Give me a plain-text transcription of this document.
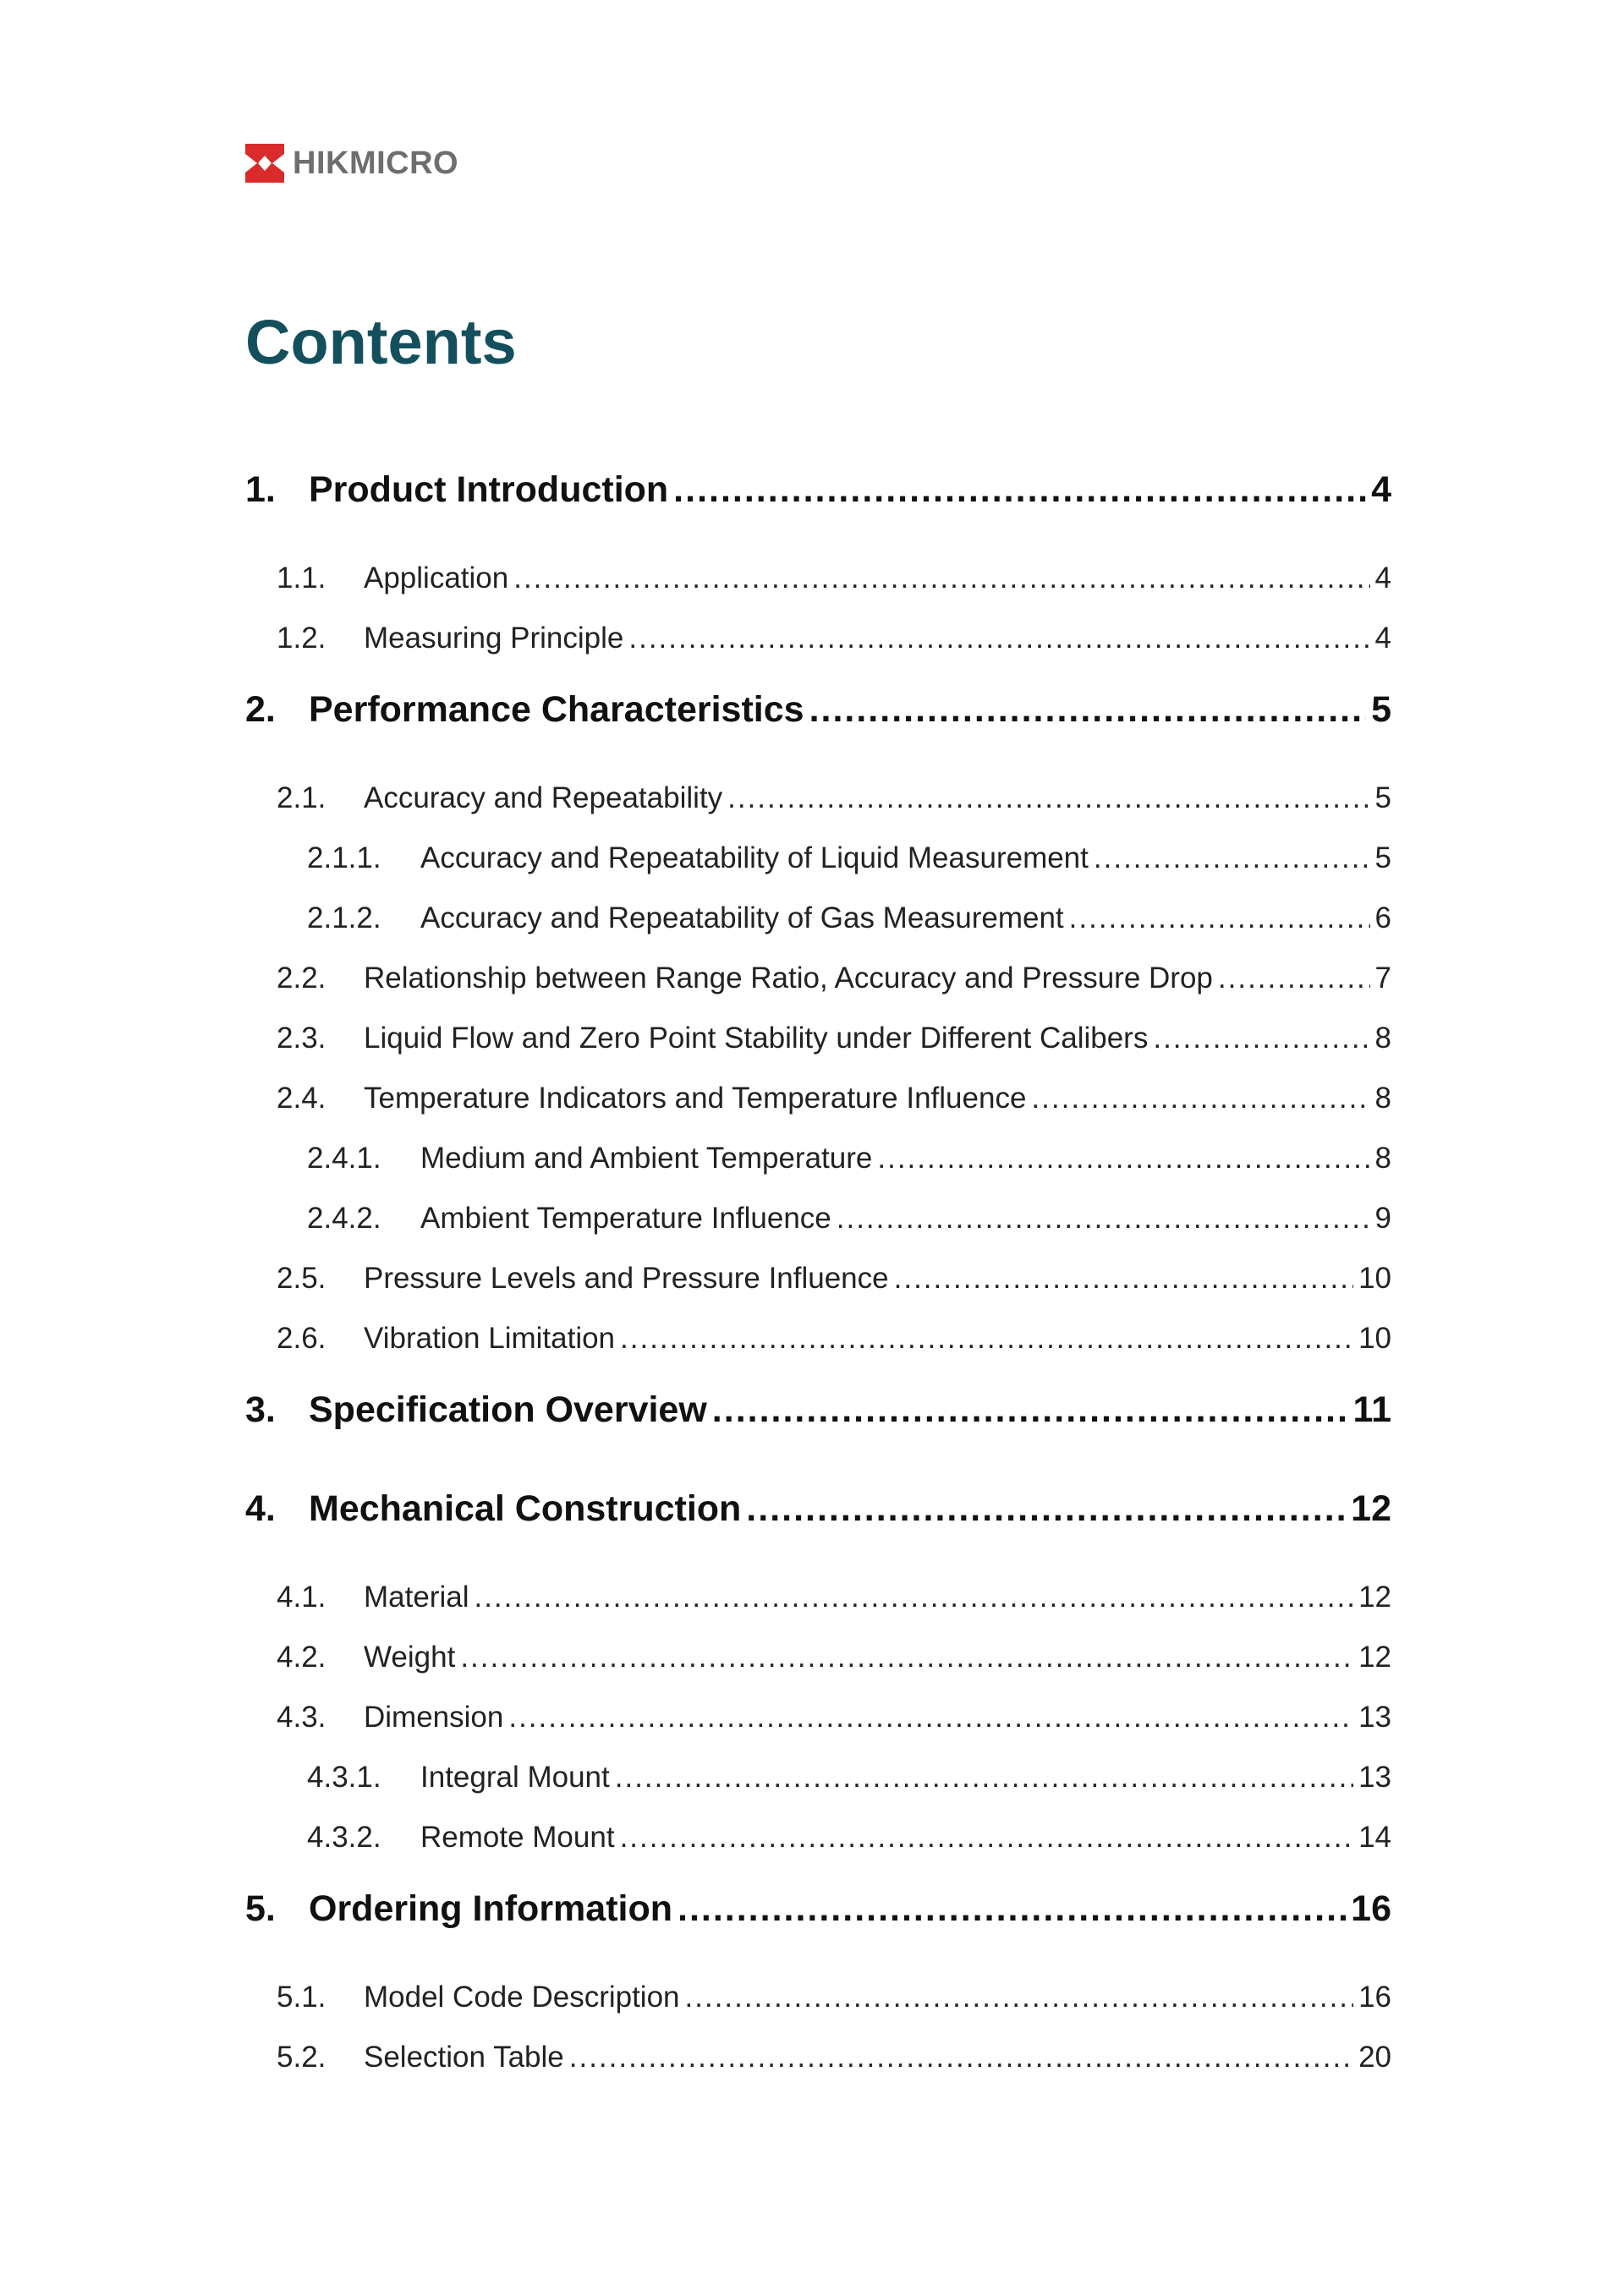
HIKMICRO
Contents
1. Product Introduction .....	4
1.1. Application .....	4
1.2. Measuring Principle .....	4
2. Performance Characteristics .....	5
2.1. Accuracy and Repeatability .....	5
2.1.1. Accuracy and Repeatability of Liquid Measurement .....	5
2.1.2. Accuracy and Repeatability of Gas Measurement .....	6
2.2. Relationship between Range Ratio, Accuracy and Pressure Drop .....	7
2.3. Liquid Flow and Zero Point Stability under Different Calibers .....	8
2.4. Temperature Indicators and Temperature Influence .....	8
2.4.1. Medium and Ambient Temperature .....	8
2.4.2. Ambient Temperature Influence .....	9
2.5. Pressure Levels and Pressure Influence .....	10
2.6. Vibration Limitation .....	10
3. Specification Overview .....	11
4. Mechanical Construction .....	12
4.1. Material .....	12
4.2. Weight .....	12
4.3. Dimension .....	13
4.3.1. Integral Mount .....	13
4.3.2. Remote Mount .....	14
5. Ordering Information .....	16
5.1. Model Code Description .....	16
5.2. Selection Table .....	20
